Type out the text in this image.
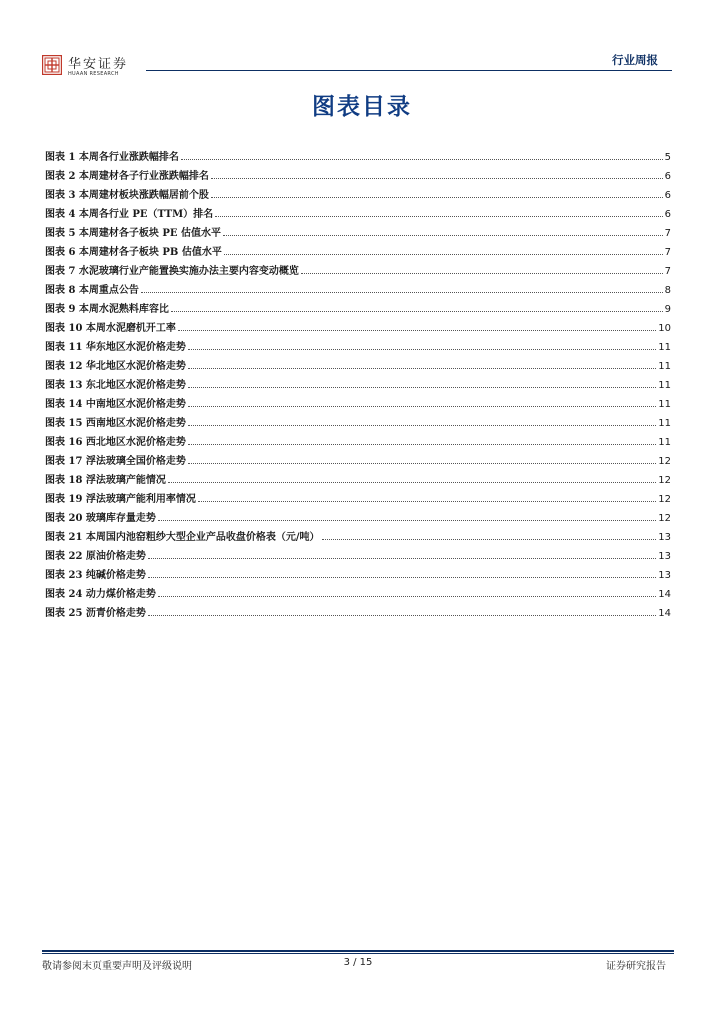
华安证券
HUAAN RESEARCH
行业周报
图表目录
图表 1 本周各行业涨跌幅排名	5
图表 2 本周建材各子行业涨跌幅排名	6
图表 3 本周建材板块涨跌幅居前个股	6
图表 4 本周各行业 PE（TTM）排名	6
图表 5 本周建材各子板块 PE 估值水平	7
图表 6 本周建材各子板块 PB 估值水平	7
图表 7 水泥玻璃行业产能置换实施办法主要内容变动概览	7
图表 8 本周重点公告	8
图表 9 本周水泥熟料库容比	9
图表 10 本周水泥磨机开工率	10
图表 11 华东地区水泥价格走势	11
图表 12 华北地区水泥价格走势	11
图表 13 东北地区水泥价格走势	11
图表 14 中南地区水泥价格走势	11
图表 15 西南地区水泥价格走势	11
图表 16 西北地区水泥价格走势	11
图表 17 浮法玻璃全国价格走势	12
图表 18 浮法玻璃产能情况	12
图表 19 浮法玻璃产能利用率情况	12
图表 20 玻璃库存量走势	12
图表 21 本周国内池窑粗纱大型企业产品收盘价格表（元/吨）	13
图表 22 原油价格走势	13
图表 23 纯碱价格走势	13
图表 24 动力煤价格走势	14
图表 25 沥青价格走势	14
敬请参阅末页重要声明及评级说明	3 / 15	证券研究报告
